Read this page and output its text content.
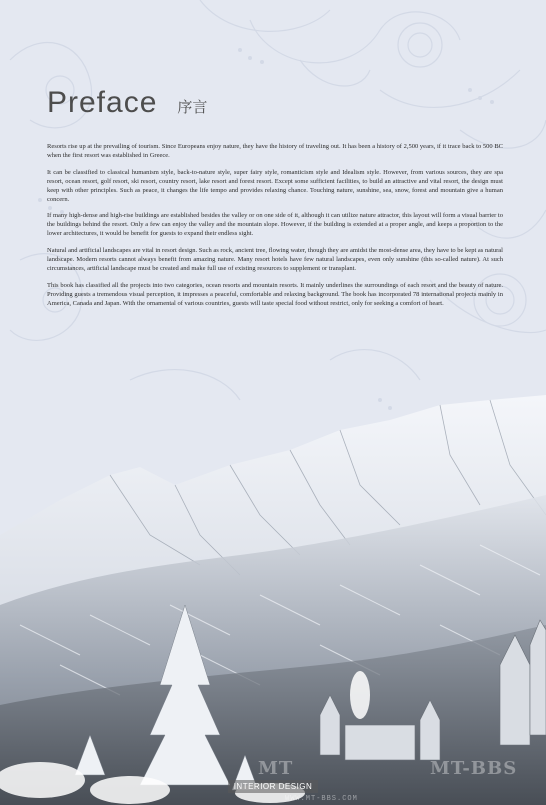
Preface 序言

Resorts rise up at the prevailing of tourism. Since Europeans enjoy nature, they have the history of traveling out. It has been a history of 2,500 years, if it trace back to 500 BC when the first resort was established in Greece.

It can be classified to classical humanism style, back-to-nature style, super fairy style, romanticism style and Idealism style. However, from various sources, they are spa resort, ocean resort, golf resort, ski resort, country resort, lake resort and forest resort. Except some sufficient facilities, to build an attractive and vital resort, the design must keep with other principles. Such as peace, it changes the life tempo and provides relaxing chance. Touching nature, sunshine, sea, snow, forest and mountain give a human concern.

If many high-dense and high-rise buildings are established besides the valley or on one side of it, although it can utilize nature attractor, this layout will form a visual barrier to the buildings behind the resort. Only a few can enjoy the valley and the mountain slope. However, if the building is extended at a proper angle, and keeps a proportion to the lower architectures, it would be benefit for guests to expand their endless sight.

Natural and artificial landscapes are vital in resort design. Such as rock, ancient tree, flowing water, though they are amidst the most-dense area, they have to be kept as natural landscape. Modern resorts cannot always benefit from amazing nature. Many resort hotels have few natural landscapes, even only sunshine (this so-called nature). At such circumstances, artificial landscape must be created and make full use of existing resources to supplement or transplant.

This book has classified all the projects into two categories, ocean resorts and mountain resorts. It mainly underlines the surroundings of each resort and the beauty of nature. Providing guests a tremendous visual perception, it impresses a peaceful, comfortable and relaxing background. The book has incorporated 78 international projects mainly in America, Canada and Japan. With the ornamental of various countries, guests will taste special food without restrict, only for seeking a comfort of heart.

MT	MT-BBS
INTERIOR DESIGN
WWW.MT-BBS.COM
